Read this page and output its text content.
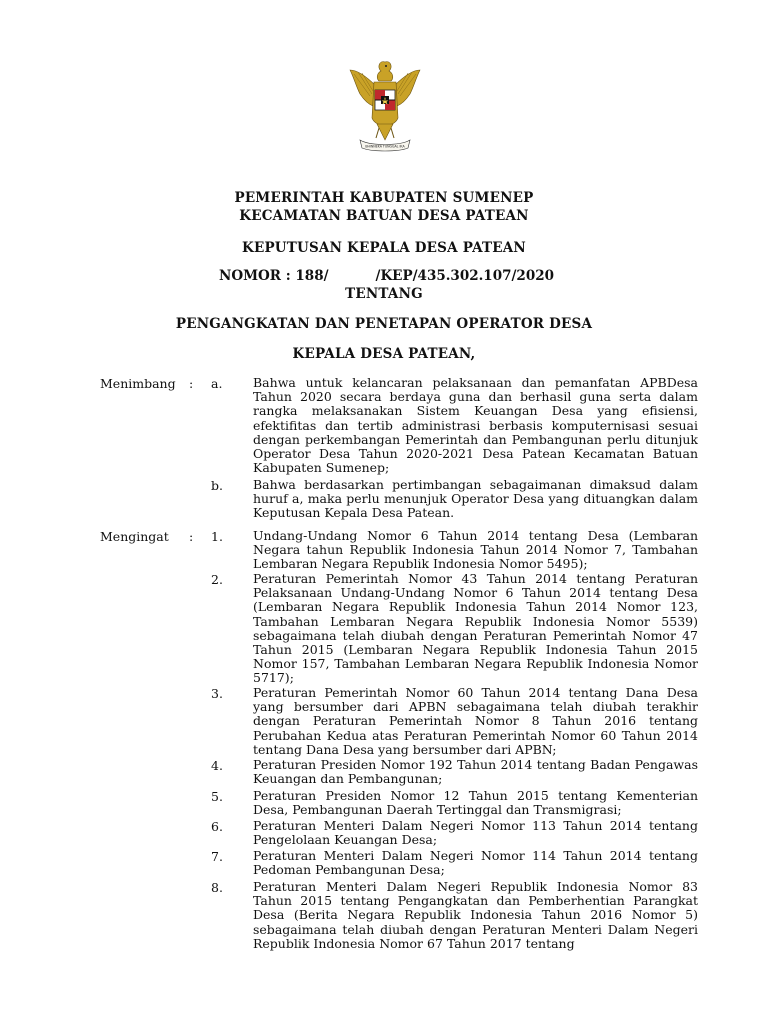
BHINNEKA TUNGGAL IKA
PEMERINTAH KABUPATEN SUMENEP
KECAMATAN BATUAN DESA PATEAN
KEPUTUSAN KEPALA DESA PATEAN
NOMOR : 188/          /KEP/435.302.107/2020
TENTANG
PENGANGKATAN DAN PENETAPAN OPERATOR DESA
KEPALA DESA PATEAN,
Menimbang : a. Bahwa untuk kelancaran pelaksanaan dan pemanfatan APBDesa Tahun 2020 secara berdaya guna dan berhasil guna serta dalam rangka melaksanakan Sistem Keuangan Desa yang efisiensi, efektifitas dan tertib administrasi berbasis komputernisasi sesuai dengan perkembangan Pemerintah dan Pembangunan perlu ditunjuk Operator Desa Tahun 2020-2021 Desa Patean Kecamatan Batuan Kabupaten Sumenep;
b. Bahwa berdasarkan pertimbangan sebagaimanan dimaksud dalam huruf a, maka perlu menunjuk Operator Desa yang dituangkan dalam Keputusan Kepala Desa Patean.
Mengingat : 1. Undang-Undang Nomor 6 Tahun 2014 tentang Desa (Lembaran Negara tahun Republik Indonesia Tahun 2014 Nomor 7, Tambahan Lembaran Negara Republik Indonesia Nomor 5495);
2. Peraturan Pemerintah Nomor 43 Tahun 2014 tentang Peraturan Pelaksanaan Undang-Undang Nomor 6 Tahun 2014 tentang Desa (Lembaran Negara Republik Indonesia Tahun 2014 Nomor 123, Tambahan Lembaran Negara Republik Indonesia Nomor 5539) sebagaimana telah diubah dengan Peraturan Pemerintah Nomor 47 Tahun 2015 (Lembaran Negara Republik Indonesia Tahun 2015 Nomor 157, Tambahan Lembaran Negara Republik Indonesia Nomor 5717);
3. Peraturan Pemerintah Nomor 60 Tahun 2014 tentang Dana Desa yang bersumber dari APBN sebagaimana telah diubah terakhir dengan Peraturan Pemerintah Nomor 8 Tahun 2016 tentang Perubahan Kedua atas Peraturan Pemerintah Nomor 60 Tahun 2014 tentang Dana Desa yang bersumber dari APBN;
4. Peraturan Presiden Nomor 192 Tahun 2014 tentang Badan Pengawas Keuangan dan Pembangunan;
5. Peraturan Presiden Nomor 12 Tahun 2015 tentang Kementerian Desa, Pembangunan Daerah Tertinggal dan Transmigrasi;
6. Peraturan Menteri Dalam Negeri Nomor 113 Tahun 2014 tentang Pengelolaan Keuangan Desa;
7. Peraturan Menteri Dalam Negeri Nomor 114 Tahun 2014 tentang Pedoman Pembangunan Desa;
8. Peraturan Menteri Dalam Negeri Republik Indonesia Nomor 83 Tahun 2015 tentang Pengangkatan dan Pemberhentian Parangkat Desa (Berita Negara Republik Indonesia Tahun 2016 Nomor 5) sebagaimana telah diubah dengan Peraturan Menteri Dalam Negeri Republik Indonesia Nomor 67 Tahun 2017 tentang
